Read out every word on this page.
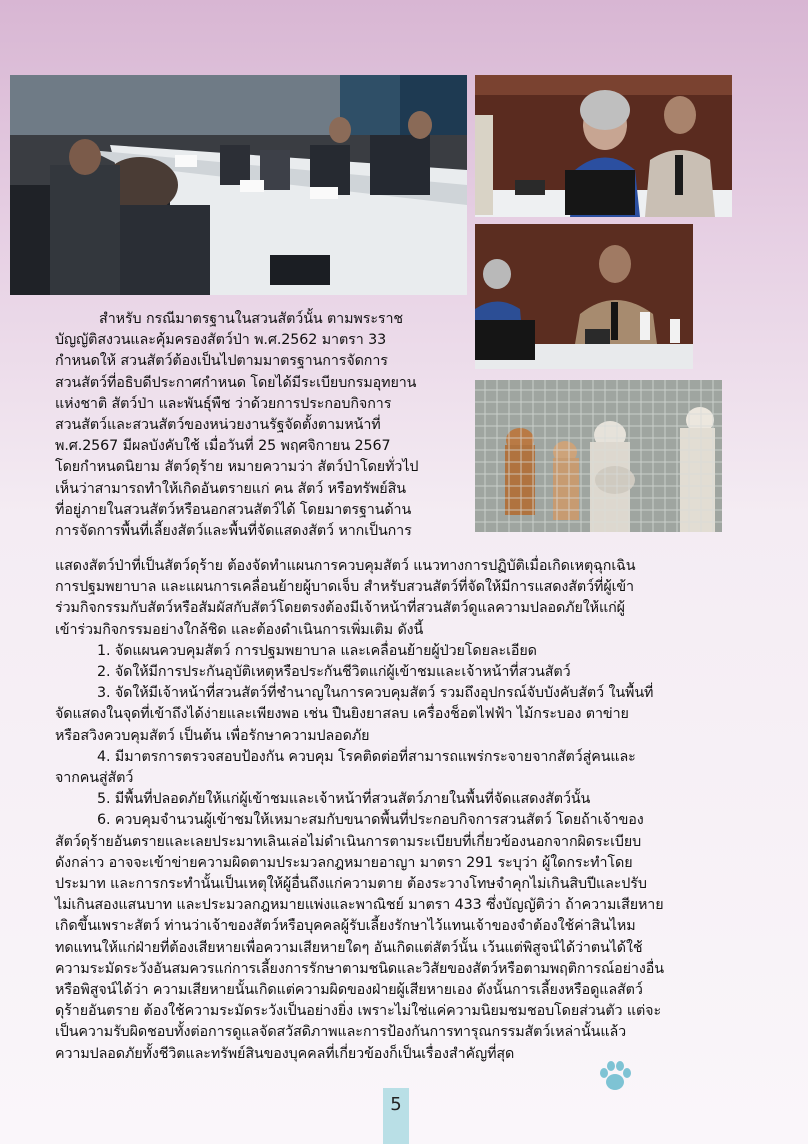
สำหรับ กรณีมาตรฐานในสวนสัตว์นั้น ตามพระราช
บัญญัติสงวนและคุ้มครองสัตว์ป่า พ.ศ.2562 มาตรา 33
กำหนดให้ สวนสัตว์ต้องเป็นไปตามมาตรฐานการจัดการ
สวนสัตว์ที่อธิบดีประกาศกำหนด โดยได้มีระเบียบกรมอุทยาน
แห่งชาติ สัตว์ป่า และพันธุ์พืช ว่าด้วยการประกอบกิจการ
สวนสัตว์และสวนสัตว์ของหน่วยงานรัฐจัดตั้งตามหน้าที่
พ.ศ.2567 มีผลบังคับใช้ เมื่อวันที่ 25 พฤศจิกายน 2567
โดยกำหนดนิยาม สัตว์ดุร้าย หมายความว่า สัตว์ป่าโดยทั่วไป
เห็นว่าสามารถทำให้เกิดอันตรายแก่ คน สัตว์ หรือทรัพย์สิน
ที่อยู่ภายในสวนสัตว์หรือนอกสวนสัตว์ได้ โดยมาตรฐานด้าน
การจัดการพื้นที่เลี้ยงสัตว์และพื้นที่จัดแสดงสัตว์ หากเป็นการ
แสดงสัตว์ป่าที่เป็นสัตว์ดุร้าย ต้องจัดทำแผนการควบคุมสัตว์ แนวทางการปฏิบัติเมื่อเกิดเหตุฉุกเฉิน
การปฐมพยาบาล และแผนการเคลื่อนย้ายผู้บาดเจ็บ สำหรับสวนสัตว์ที่จัดให้มีการแสดงสัตว์ที่ผู้เข้า
ร่วมกิจกรรมกับสัตว์หรือสัมผัสกับสัตว์โดยตรงต้องมีเจ้าหน้าที่สวนสัตว์ดูแลความปลอดภัยให้แก่ผู้
เข้าร่วมกิจกรรมอย่างใกล้ชิด และต้องดำเนินการเพิ่มเติม ดังนี้
1. จัดแผนควบคุมสัตว์ การปฐมพยาบาล และเคลื่อนย้ายผู้ป่วยโดยละเอียด
2. จัดให้มีการประกันอุบัติเหตุหรือประกันชีวิตแก่ผู้เข้าชมและเจ้าหน้าที่สวนสัตว์
3. จัดให้มีเจ้าหน้าที่สวนสัตว์ที่ชำนาญในการควบคุมสัตว์ รวมถึงอุปกรณ์จับบังคับสัตว์ ในพื้นที่
จัดแสดงในจุดที่เข้าถึงได้ง่ายและเพียงพอ เช่น ปืนยิงยาสลบ เครื่องช็อตไฟฟ้า ไม้กระบอง ตาข่าย
หรือสวิงควบคุมสัตว์ เป็นต้น เพื่อรักษาความปลอดภัย
4. มีมาตรการตรวจสอบป้องกัน ควบคุม โรคติดต่อที่สามารถแพร่กระจายจากสัตว์สู่คนและ
จากคนสู่สัตว์
5. มีพื้นที่ปลอดภัยให้แก่ผู้เข้าชมและเจ้าหน้าที่สวนสัตว์ภายในพื้นที่จัดแสดงสัตว์นั้น
6. ควบคุมจำนวนผู้เข้าชมให้เหมาะสมกับขนาดพื้นที่ประกอบกิจการสวนสัตว์ โดยถ้าเจ้าของ
สัตว์ดุร้ายอันตรายและเลยประมาทเลินเล่อไม่ดำเนินการตามระเบียบที่เกี่ยวข้องนอกจากผิดระเบียบ
ดังกล่าว อาจจะเข้าข่ายความผิดตามประมวลกฎหมายอาญา มาตรา 291 ระบุว่า ผู้ใดกระทำโดย
ประมาท และการกระทำนั้นเป็นเหตุให้ผู้อื่นถึงแก่ความตาย ต้องระวางโทษจำคุกไม่เกินสิบปีและปรับ
ไม่เกินสองแสนบาท และประมวลกฎหมายแพ่งและพาณิชย์ มาตรา 433 ซึ่งบัญญัติว่า ถ้าความเสียหาย
เกิดขึ้นเพราะสัตว์ ท่านว่าเจ้าของสัตว์หรือบุคคลผู้รับเลี้ยงรักษาไว้แทนเจ้าของจำต้องใช้ค่าสินไหม
ทดแทนให้แก่ฝ่ายที่ต้องเสียหายเพื่อความเสียหายใดๆ อันเกิดแต่สัตว์นั้น เว้นแต่พิสูจน์ได้ว่าตนได้ใช้
ความระมัดระวังอันสมควรแก่การเลี้ยงการรักษาตามชนิดและวิสัยของสัตว์หรือตามพฤติการณ์อย่างอื่น
หรือพิสูจน์ได้ว่า ความเสียหายนั้นเกิดแต่ความผิดของฝ่ายผู้เสียหายเอง ดังนั้นการเลี้ยงหรือดูแลสัตว์
ดุร้ายอันตราย ต้องใช้ความระมัดระวังเป็นอย่างยิ่ง เพราะไม่ใช่แค่ความนิยมชมชอบโดยส่วนตัว แต่จะ
เป็นความรับผิดชอบทั้งต่อการดูแลจัดสวัสดิภาพและการป้องกันการทารุณกรรมสัตว์เหล่านั้นแล้ว
ความปลอดภัยทั้งชีวิตและทรัพย์สินของบุคคลที่เกี่ยวข้องก็เป็นเรื่องสำคัญที่สุด
5
